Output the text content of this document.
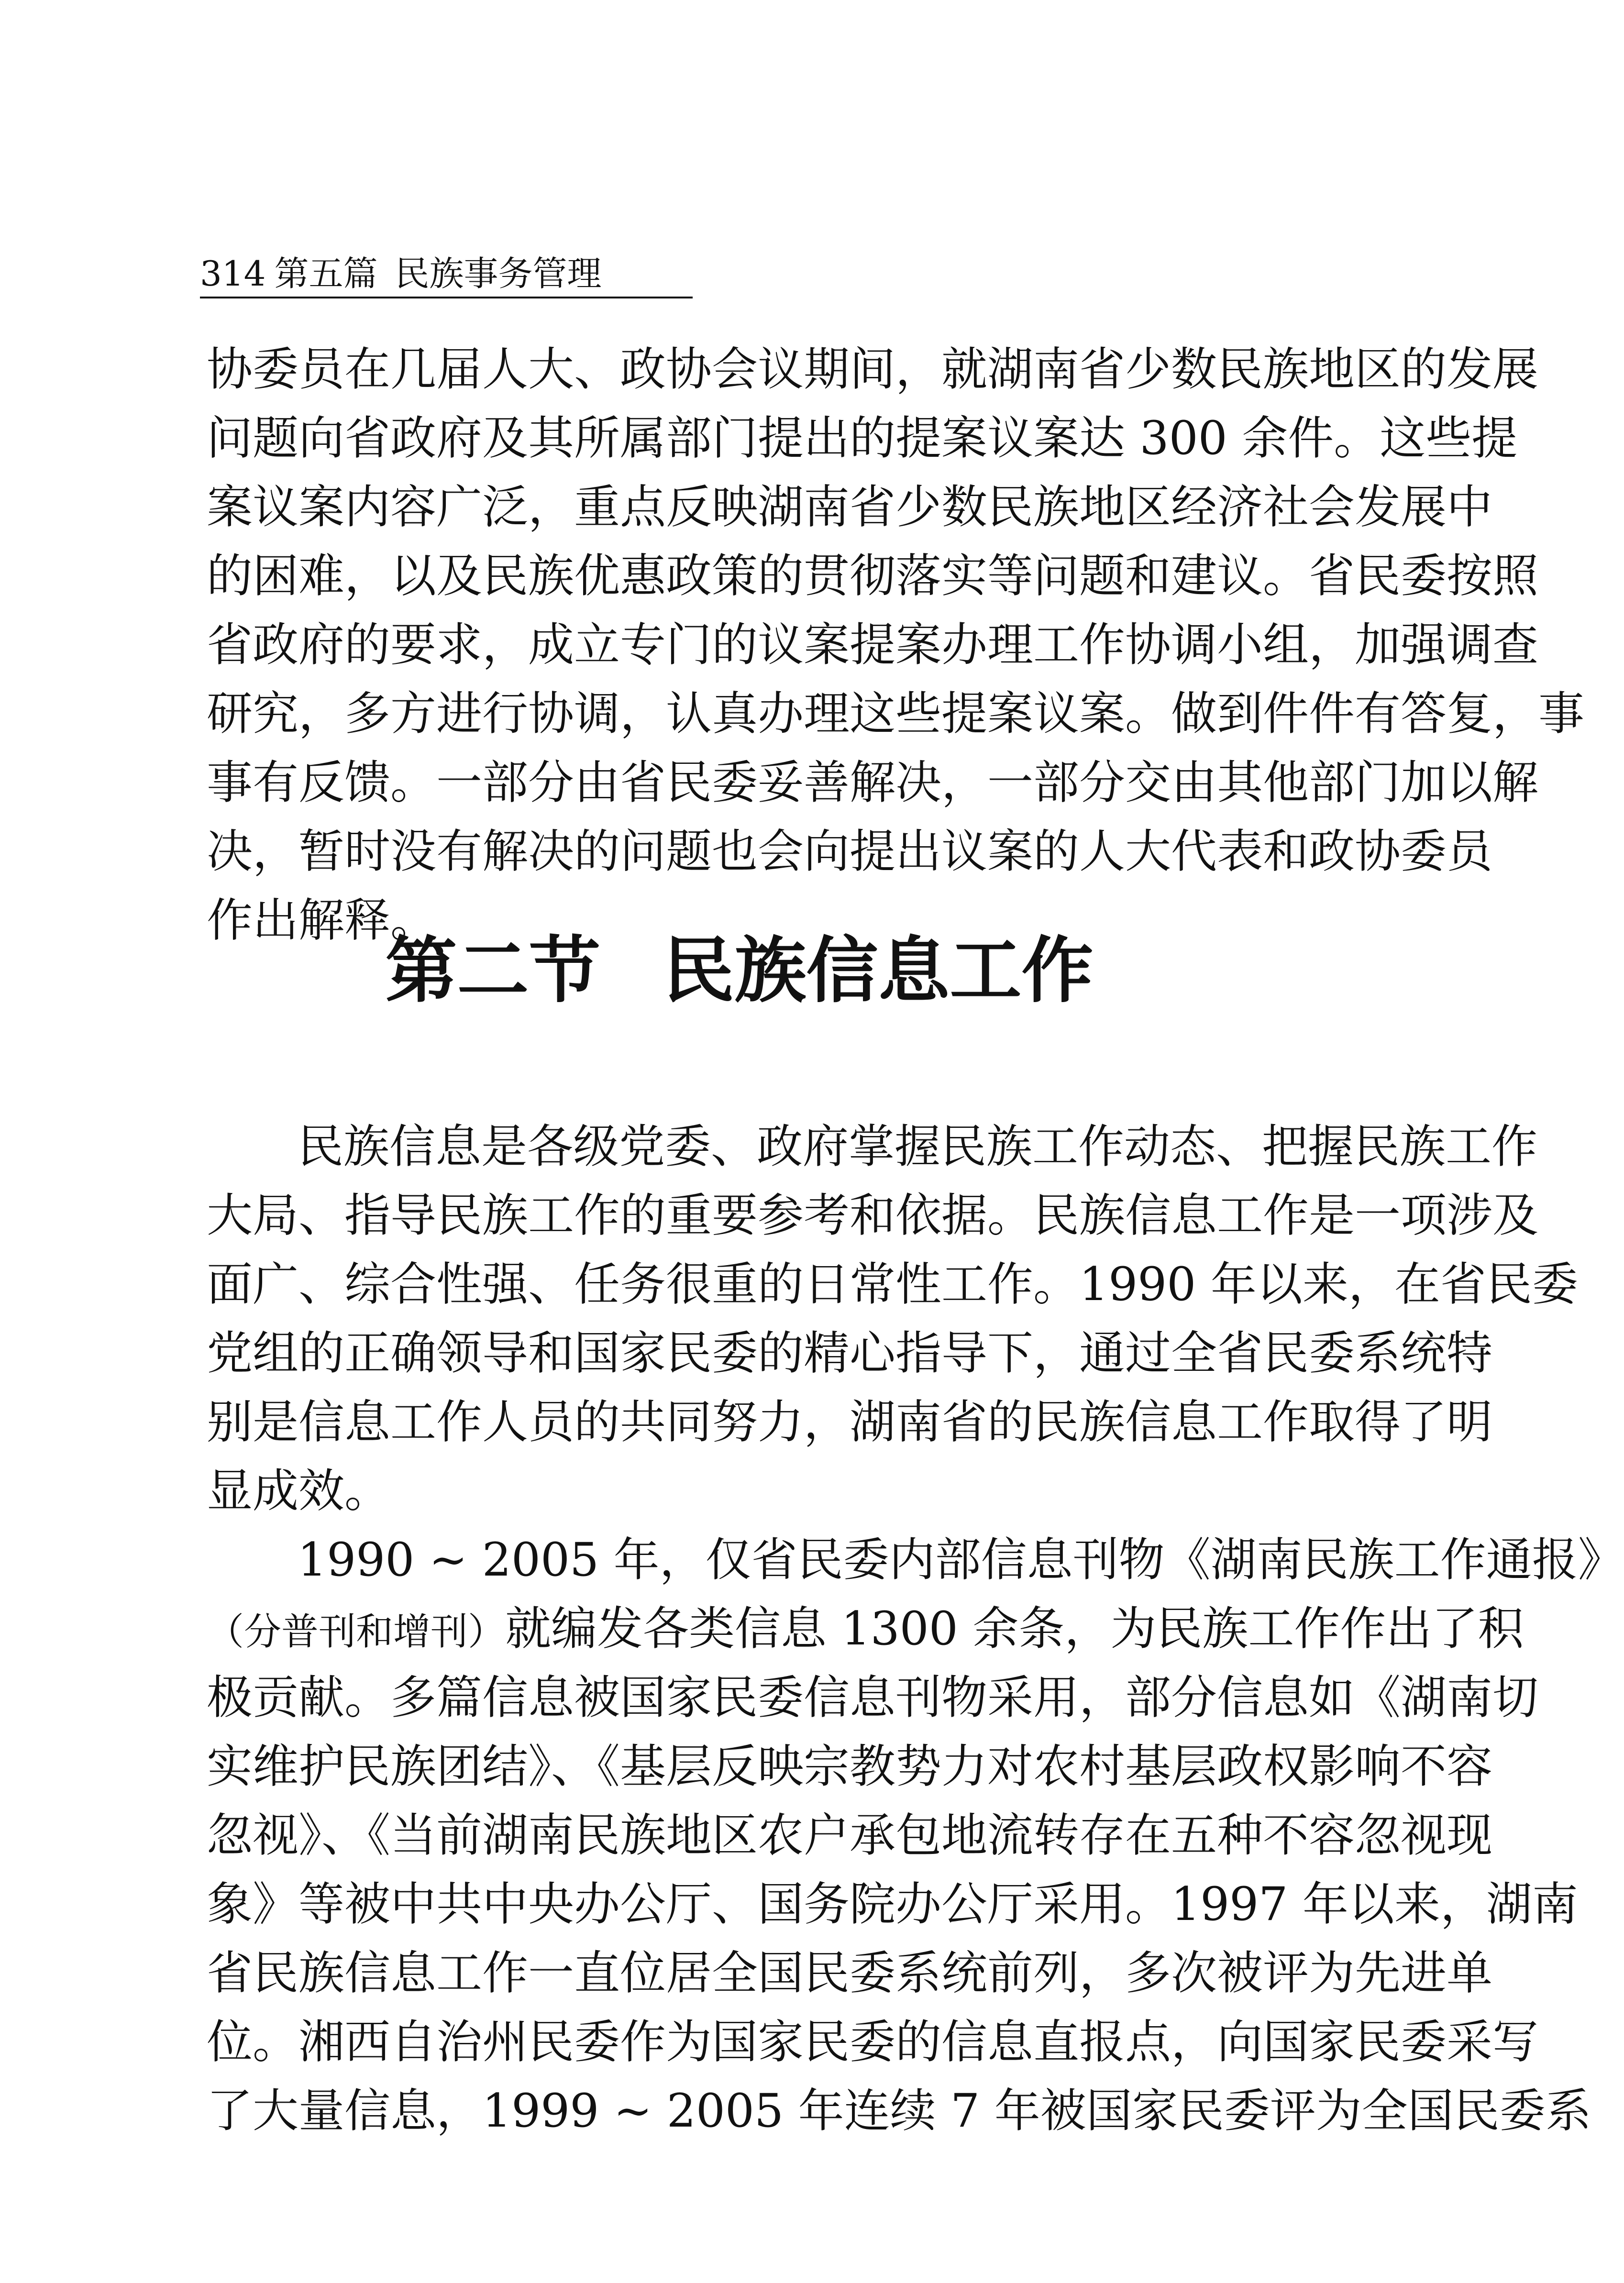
314 第五篇 民族事务管理
协委员在几届人大、政协会议期间，就湖南省少数民族地区的发展
问题向省政府及其所属部门提出的提案议案达 300 余件。这些提
案议案内容广泛，重点反映湖南省少数民族地区经济社会发展中
的困难，以及民族优惠政策的贯彻落实等问题和建议。省民委按照
省政府的要求，成立专门的议案提案办理工作协调小组，加强调查
研究，多方进行协调，认真办理这些提案议案。做到件件有答复，事
事有反馈。一部分由省民委妥善解决，一部分交由其他部门加以解
决，暂时没有解决的问题也会向提出议案的人大代表和政协委员
作出解释。
第二节 民族信息工作
民族信息是各级党委、政府掌握民族工作动态、把握民族工作
大局、指导民族工作的重要参考和依据。民族信息工作是一项涉及
面广、综合性强、任务很重的日常性工作。1990 年以来，在省民委
党组的正确领导和国家民委的精心指导下，通过全省民委系统特
别是信息工作人员的共同努力，湖南省的民族信息工作取得了明
显成效。
1990 ~ 2005 年，仅省民委内部信息刊物《湖南民族工作通报》
（分普刊和增刊）就编发各类信息 1300 余条，为民族工作作出了积
极贡献。多篇信息被国家民委信息刊物采用，部分信息如《湖南切
实维护民族团结》、《基层反映宗教势力对农村基层政权影响不容
忽视》、《当前湖南民族地区农户承包地流转存在五种不容忽视现
象》等被中共中央办公厅、国务院办公厅采用。1997 年以来，湖南
省民族信息工作一直位居全国民委系统前列，多次被评为先进单
位。湘西自治州民委作为国家民委的信息直报点，向国家民委采写
了大量信息，1999 ~ 2005 年连续 7 年被国家民委评为全国民委系
